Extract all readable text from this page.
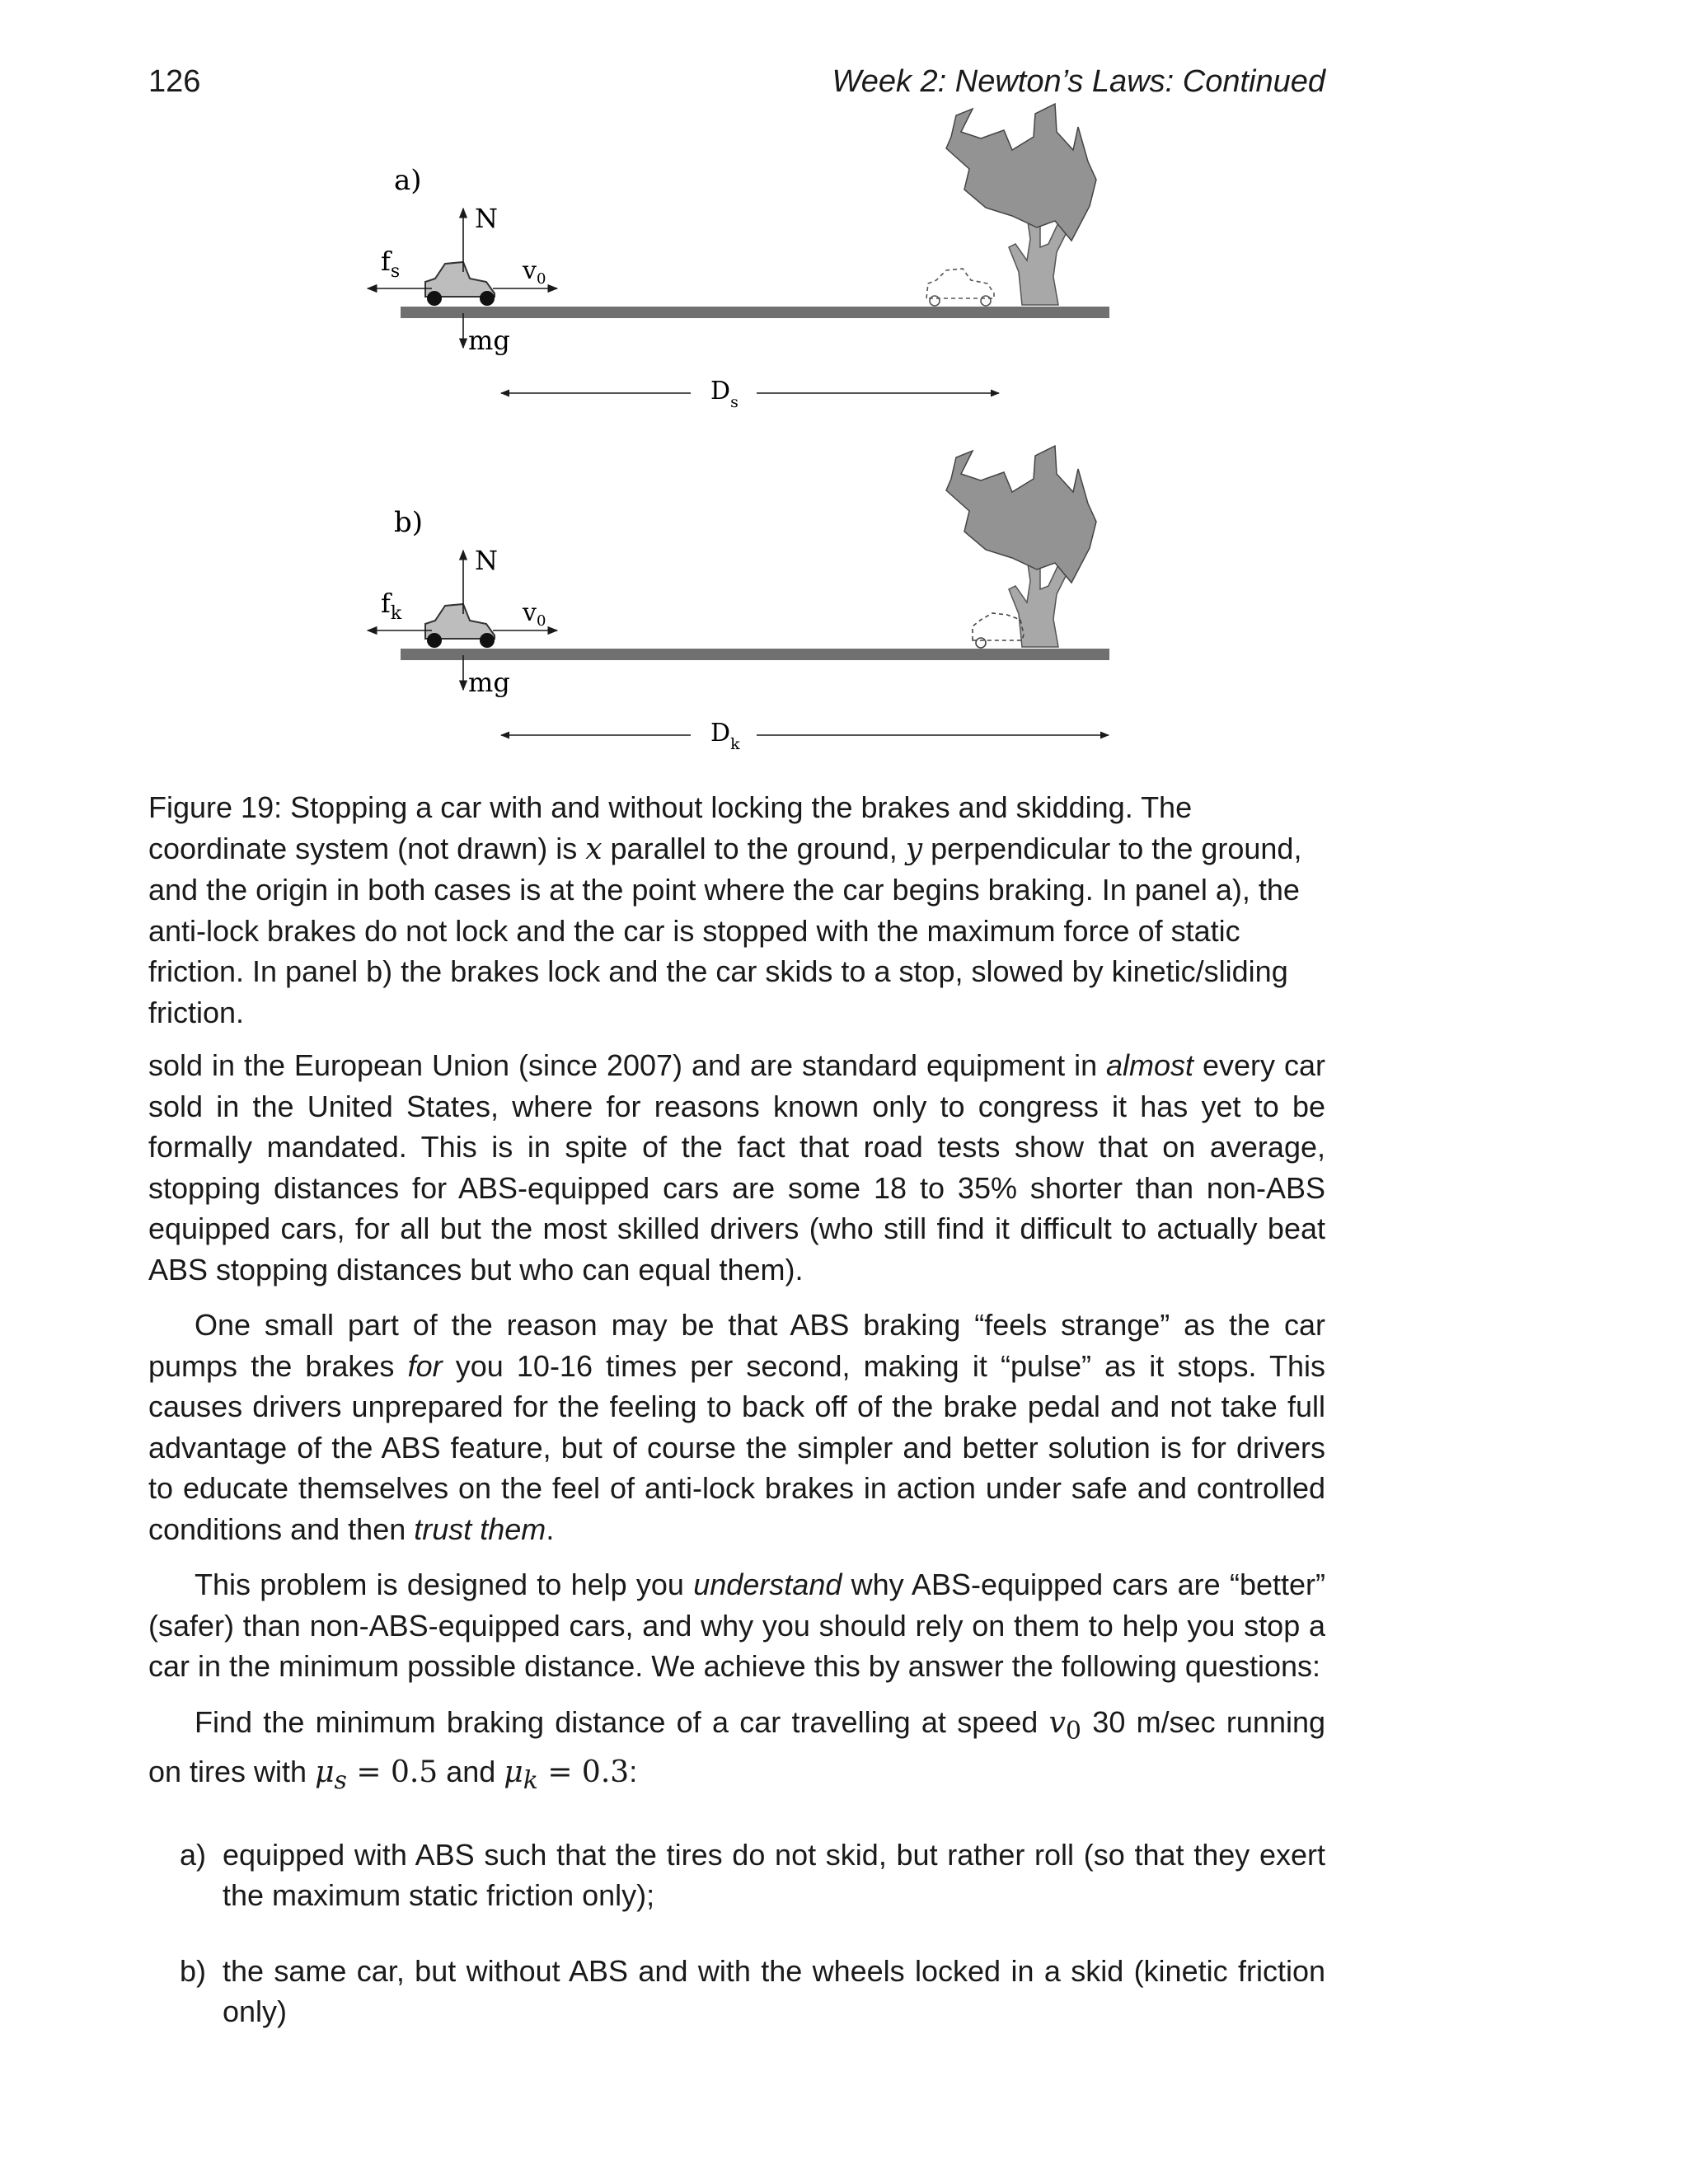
126	Week 2: Newton’s Laws: Continued
a)
N
mg
$f_s$	$v_0$
$D_s$
b)
N
mg
$f_k$	$v_0$
$D_k$

Figure 19: Stopping a car with and without locking the brakes and skidding. The coordinate system (not drawn) is x parallel to the ground, y perpendicular to the ground, and the origin in both cases is at the point where the car begins braking. In panel a), the anti-lock brakes do not lock and the car is stopped with the maximum force of static friction. In panel b) the brakes lock and the car skids to a stop, slowed by kinetic/sliding friction.

sold in the European Union (since 2007) and are standard equipment in almost every car sold in the United States, where for reasons known only to congress it has yet to be formally mandated. This is in spite of the fact that road tests show that on average, stopping distances for ABS-equipped cars are some 18 to 35% shorter than non-ABS equipped cars, for all but the most skilled drivers (who still find it difficult to actually beat ABS stopping distances but who can equal them).

One small part of the reason may be that ABS braking “feels strange” as the car pumps the brakes for you 10-16 times per second, making it “pulse” as it stops. This causes drivers unprepared for the feeling to back off of the brake pedal and not take full advantage of the ABS feature, but of course the simpler and better solution is for drivers to educate themselves on the feel of anti-lock brakes in action under safe and controlled conditions and then trust them.

This problem is designed to help you understand why ABS-equipped cars are “better” (safer) than non-ABS-equipped cars, and why you should rely on them to help you stop a car in the minimum possible distance. We achieve this by answer the following questions:

Find the minimum braking distance of a car travelling at speed $v_0$ 30 m/sec running on tires with $\mu_s = 0.5$ and $\mu_k = 0.3$:

a) equipped with ABS such that the tires do not skid, but rather roll (so that they exert the maximum static friction only);
b) the same car, but without ABS and with the wheels locked in a skid (kinetic friction only)
